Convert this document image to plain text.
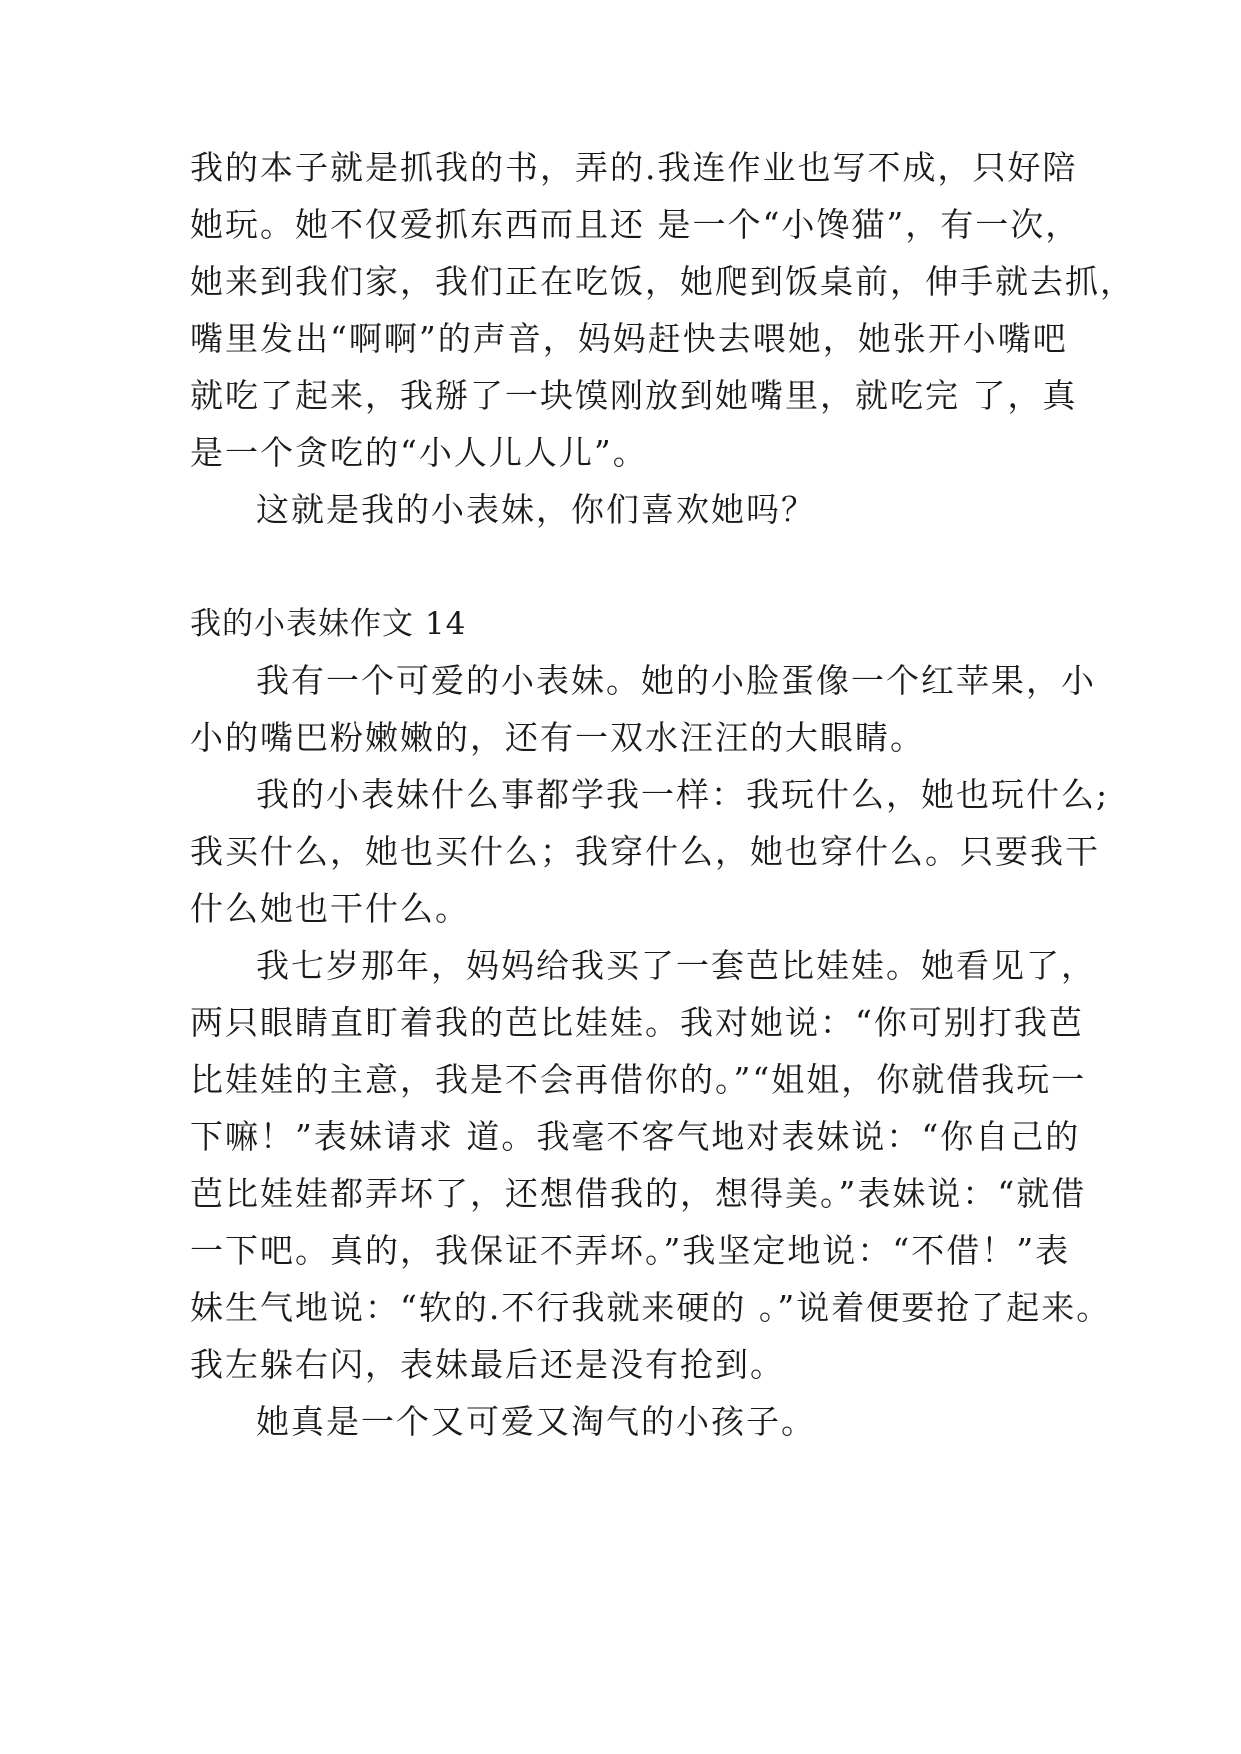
我的本子就是抓我的书，弄的.我连作业也写不成，只好陪
她玩。她不仅爱抓东西而且还 是一个“小馋猫”，有一次，
她来到我们家，我们正在吃饭，她爬到饭桌前，伸手就去抓，
嘴里发出“啊啊”的声音，妈妈赶快去喂她，她张开小嘴吧
就吃了起来，我掰了一块馍刚放到她嘴里，就吃完 了，真
是一个贪吃的“小人儿人儿”。
这就是我的小表妹，你们喜欢她吗？
我的小表妹作文 14
我有一个可爱的小表妹。她的小脸蛋像一个红苹果，小
小的嘴巴粉嫩嫩的，还有一双水汪汪的大眼睛。
我的小表妹什么事都学我一样：我玩什么，她也玩什么;
我买什么，她也买什么；我穿什么，她也穿什么。只要我干
什么她也干什么。
我七岁那年，妈妈给我买了一套芭比娃娃。她看见了，
两只眼睛直盯着我的芭比娃娃。我对她说：“你可别打我芭
比娃娃的主意，我是不会再借你的。”“姐姐，你就借我玩一
下嘛！”表妹请求 道。我毫不客气地对表妹说：“你自己的
芭比娃娃都弄坏了，还想借我的，想得美。”表妹说：“就借
一下吧。真的，我保证不弄坏。”我坚定地说：“不借！”表
妹生气地说：“软的.不行我就来硬的 。”说着便要抢了起来。
我左躲右闪，表妹最后还是没有抢到。
她真是一个又可爱又淘气的小孩子。
